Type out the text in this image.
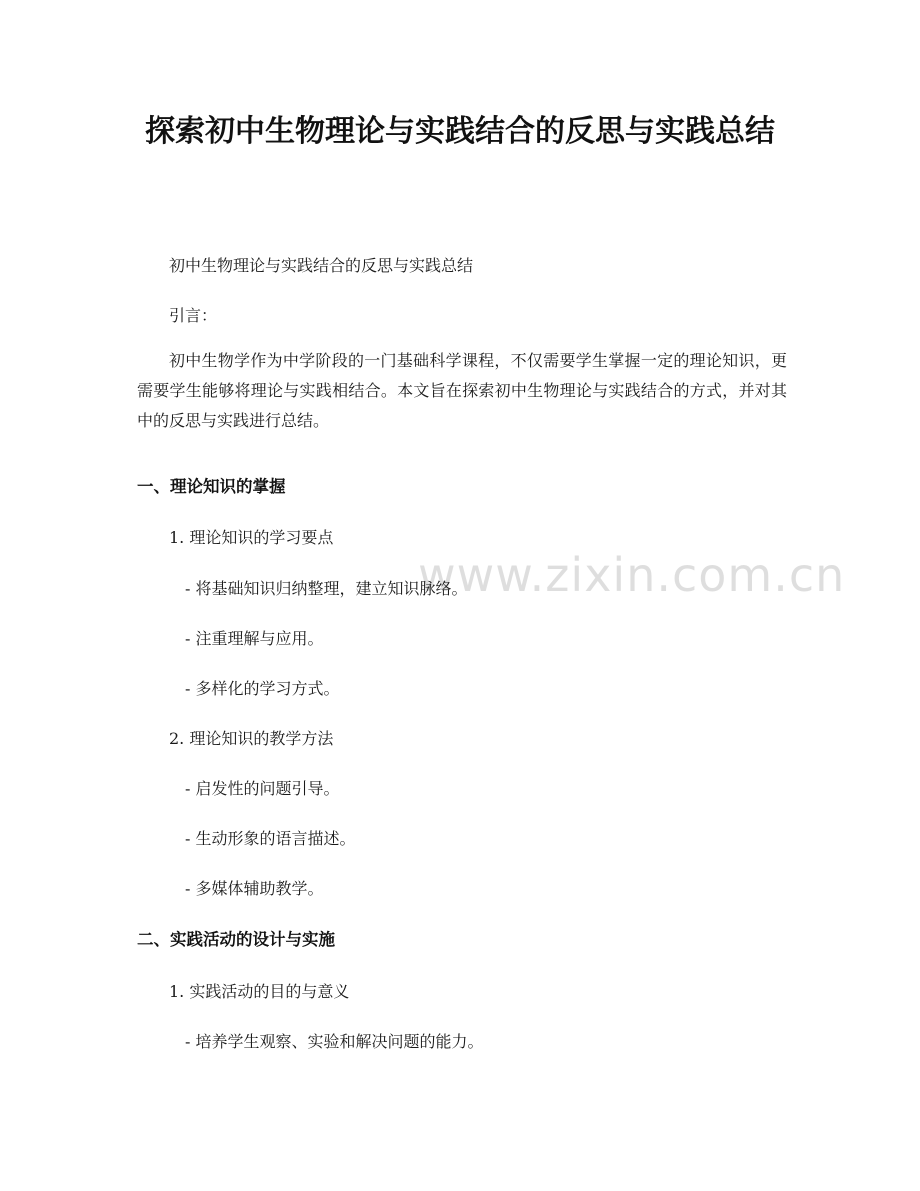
探索初中生物理论与实践结合的反思与实践总结
初中生物理论与实践结合的反思与实践总结
引言：
初中生物学作为中学阶段的一门基础科学课程，不仅需要学生掌握一定的理论知识，更需要学生能够将理论与实践相结合。本文旨在探索初中生物理论与实践结合的方式，并对其中的反思与实践进行总结。
一、理论知识的掌握
1. 理论知识的学习要点
- 将基础知识归纳整理，建立知识脉络。
- 注重理解与应用。
- 多样化的学习方式。
2. 理论知识的教学方法
- 启发性的问题引导。
- 生动形象的语言描述。
- 多媒体辅助教学。
二、实践活动的设计与实施
1. 实践活动的目的与意义
- 培养学生观察、实验和解决问题的能力。
www.zixin.com.cn
